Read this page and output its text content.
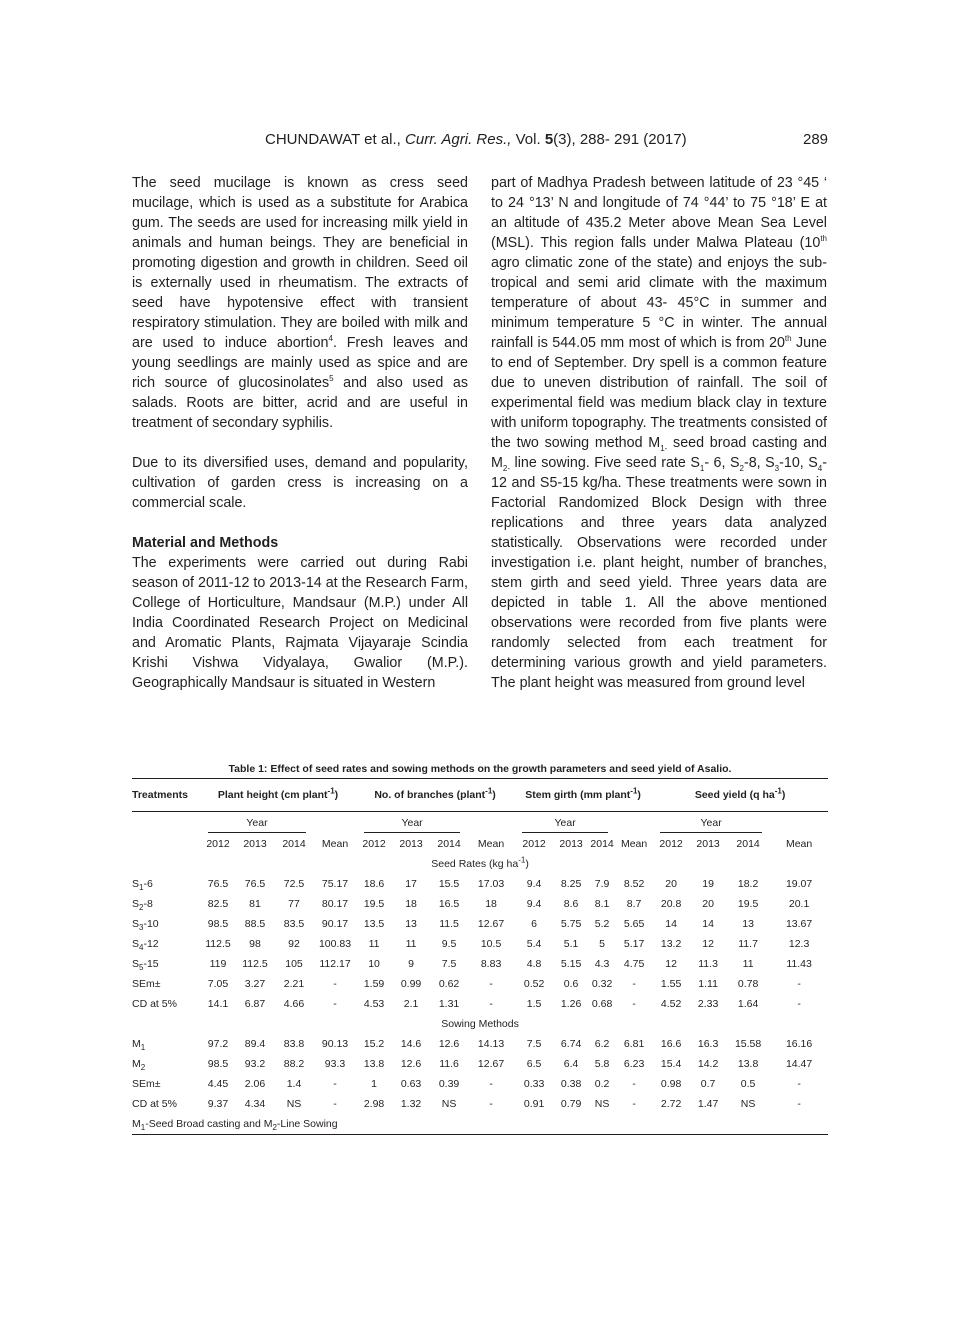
CHUNDAWAT et al., Curr. Agri. Res., Vol. 5(3), 288- 291 (2017)	289

The seed mucilage is known as cress seed mucilage, which is used as a substitute for Arabica gum. The seeds are used for increasing milk yield in animals and human beings. They are beneficial in promoting digestion and growth in children. Seed oil is externally used in rheumatism. The extracts of seed have hypotensive effect with transient respiratory stimulation. They are boiled with milk and are used to induce abortion$^4$. Fresh leaves and young seedlings are mainly used as spice and are rich source of glucosinolates$^5$ and also used as salads. Roots are bitter, acrid and are useful in treatment of secondary syphilis.

Due to its diversified uses, demand and popularity, cultivation of garden cress is increasing on a commercial scale.

Material and Methods

The experiments were carried out during Rabi season of 2011-12 to 2013-14 at the Research Farm, College of Horticulture, Mandsaur (M.P.) under All India Coordinated Research Project on Medicinal and Aromatic Plants, Rajmata Vijayaraje Scindia Krishi Vishwa Vidyalaya, Gwalior (M.P.). Geographically Mandsaur is situated in Western

part of Madhya Pradesh between latitude of 23 °45 ‘ to 24 °13’ N and longitude of 74 °44’ to 75 °18’ E at an altitude of 435.2 Meter above Mean Sea Level (MSL). This region falls under Malwa Plateau (10th agro climatic zone of the state) and enjoys the sub-tropical and semi arid climate with the maximum temperature of about 43- 45°C in summer and minimum temperature 5 °C in winter. The annual rainfall is 544.05 mm most of which is from 20th June to end of September. Dry spell is a common feature due to uneven distribution of rainfall. The soil of experimental field was medium black clay in texture with uniform topography. The treatments consisted of the two sowing method $M_{1-}$ seed broad casting and $M_{2-}$ line sowing. Five seed rate $S_1-$ 6, $S_2-8$, $S_3-10$, $S_4-12$ and S5-15 kg/ha. These treatments were sown in Factorial Randomized Block Design with three replications and three years data analyzed statistically. Observations were recorded under investigation i.e. plant height, number of branches, stem girth and seed yield. Three years data are depicted in table 1. All the above mentioned observations were recorded from five plants were randomly selected from each treatment for determining various growth and yield parameters. The plant height was measured from ground level

Table 1: Effect of seed rates and sowing methods on the growth parameters and seed yield of Asalio.
Treatments	Plant height (cm plant$^{-1}$)				No. of branches (plant$^{-1}$)				Stem girth (mm plant$^{-1}$)				Seed yield (q $ha^{-1}$)			

	Year				Year				Year				Year			

	2012	2013	2014	Mean	2012	2013	2014	Mean	2012	2013	2014	Mean	2012	2013	2014	Mean
Seed Rates (kg $ha^{-1}$)																
$S_1-6$	76.5	76.5	72.5	75.17	18.6	17	15.5	17.03	9.4	8.25	7.9	8.52	20	19	18.2	19.07
$S_2-8$	82.5	81	77	80.17	19.5	18	16.5	18	9.4	8.6	8.1	8.7	20.8	20	19.5	20.1
$S_3-10$	98.5	88.5	83.5	90.17	13.5	13	11.5	12.67	6	5.75	5.2	5.65	14	14	13	13.67
$S_4-12$	112.5	98	92	100.83	11	11	9.5	10.5	5.4	5.1	5	5.17	13.2	12	11.7	12.3
$S_5-15$	119	112.5	105	112.17	10	9	7.5	8.83	4.8	5.15	4.3	4.75	12	11.3	11	11.43
SEm±	7.05	3.27	2.21	-	1.59	0.99	0.62	-	0.52	0.6	0.32	-	1.55	1.11	0.78	-
CD at 5%	14.1	6.87	4.66	-	4.53	2.1	1.31	-	1.5	1.26	0.68	-	4.52	2.33	1.64	-
Sowing Methods																
$M_1$	97.2	89.4	83.8	90.13	15.2	14.6	12.6	14.13	7.5	6.74	6.2	6.81	16.6	16.3	15.58	16.16
$M_2$	98.5	93.2	88.2	93.3	13.8	12.6	11.6	12.67	6.5	6.4	5.8	6.23	15.4	14.2	13.8	14.47
SEm±	4.45	2.06	1.4	-	1	0.63	0.39	-	0.33	0.38	0.2	-	0.98	0.7	0.5	-
CD at 5%	9.37	4.34	NS	-	2.98	1.32	NS	-	0.91	0.79	NS	-	2.72	1.47	NS	-
$M_1$-Seed Broad casting and $M_2$-Line Sowing																
